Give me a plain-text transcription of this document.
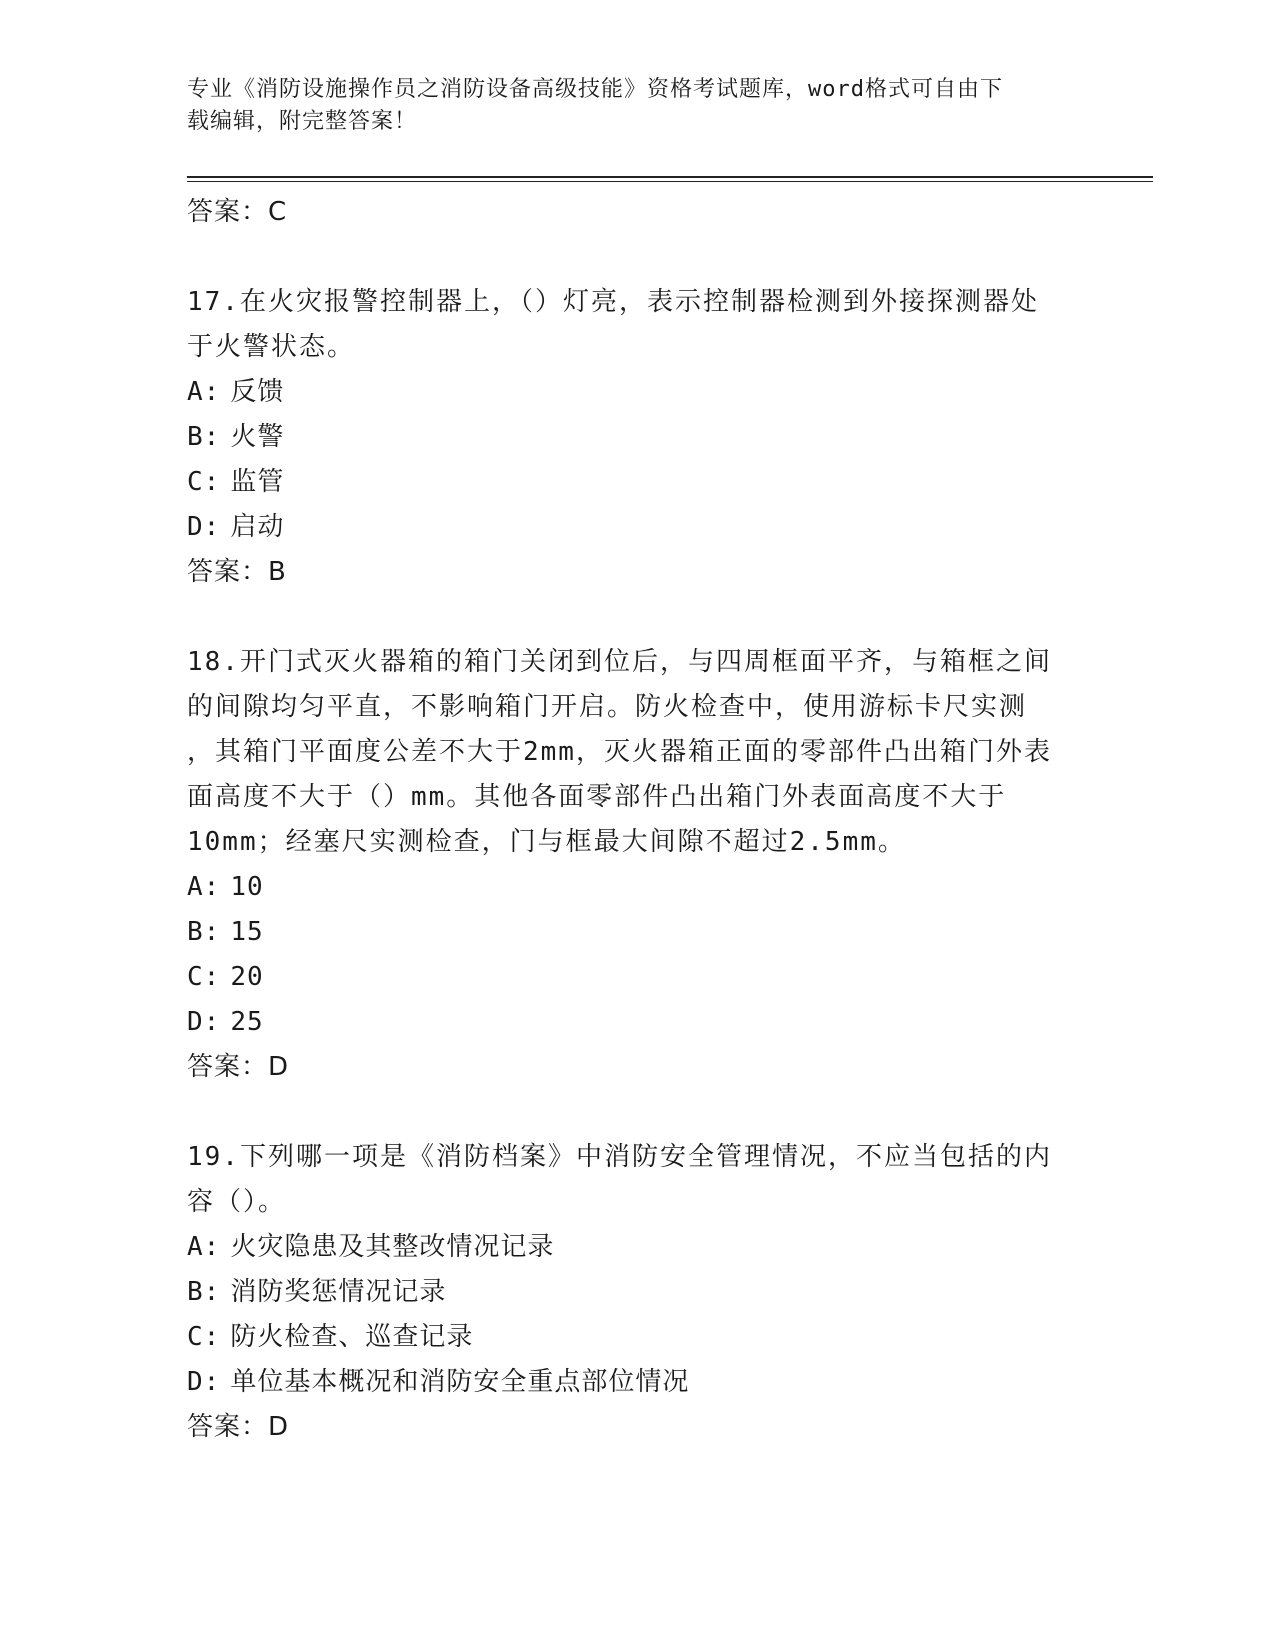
专业《消防设施操作员之消防设备高级技能》资格考试题库，word格式可自由下
载编辑，附完整答案！
答案：C
17.在火灾报警控制器上，（）灯亮，表示控制器检测到外接探测器处
于火警状态。
A: 反馈
B: 火警
C: 监管
D: 启动
答案：B
18.开门式灭火器箱的箱门关闭到位后，与四周框面平齐，与箱框之间
的间隙均匀平直，不影响箱门开启。防火检查中，使用游标卡尺实测
，其箱门平面度公差不大于2mm，灭火器箱正面的零部件凸出箱门外表
面高度不大于（）mm。其他各面零部件凸出箱门外表面高度不大于
10mm；经塞尺实测检查，门与框最大间隙不超过2.5mm。
A: 10
B: 15
C: 20
D: 25
答案：D
19.下列哪一项是《消防档案》中消防安全管理情况，不应当包括的内
容（）。
A: 火灾隐患及其整改情况记录
B: 消防奖惩情况记录
C: 防火检查、巡查记录
D: 单位基本概况和消防安全重点部位情况
答案：D
